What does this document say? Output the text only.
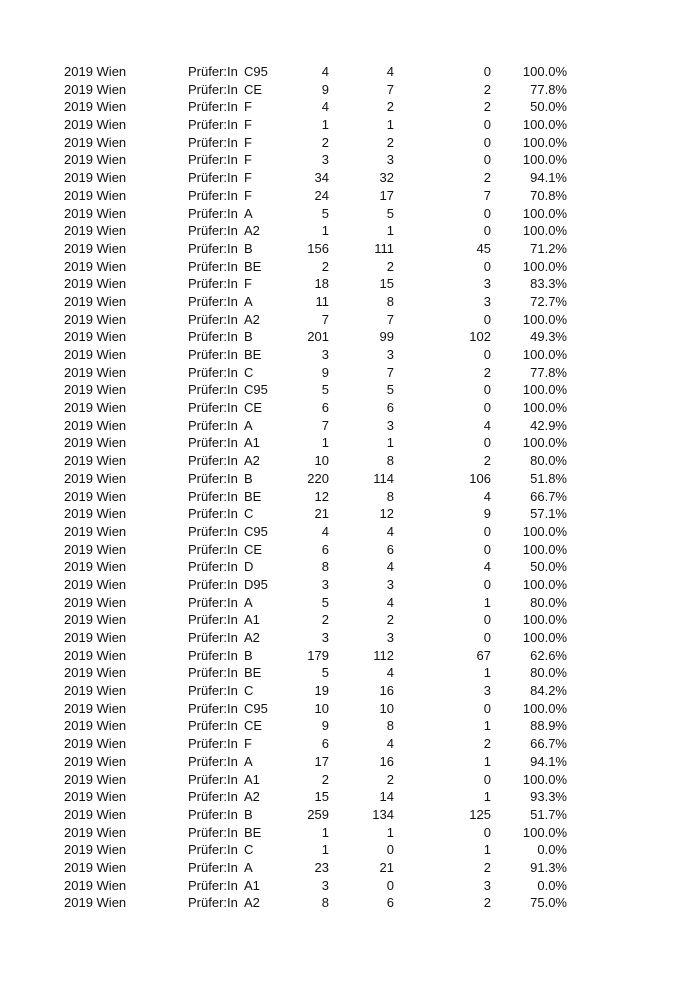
2019 Wien	Prüfer:In C95	4	4	0 100.0%
2019 Wien	Prüfer:In CE	9	7	2	77.8%
2019 Wien	Prüfer:In F	4	2	2	50.0%
2019 Wien	Prüfer:In F	1	1	0 100.0%
2019 Wien	Prüfer:In F	2	2	0 100.0%
2019 Wien	Prüfer:In F	3	3	0 100.0%
2019 Wien	Prüfer:In F	34	32	2	94.1%
2019 Wien	Prüfer:In F	24	17	7	70.8%
2019 Wien	Prüfer:In A	5	5	0 100.0%
2019 Wien	Prüfer:In A2	1	1	0 100.0%
2019 Wien	Prüfer:In B	156	111	45	71.2%
2019 Wien	Prüfer:In BE	2	2	0 100.0%
2019 Wien	Prüfer:In F	18	15	3	83.3%
2019 Wien	Prüfer:In A	11	8	3	72.7%
2019 Wien	Prüfer:In A2	7	7	0 100.0%
2019 Wien	Prüfer:In B	201	99	102	49.3%
2019 Wien	Prüfer:In BE	3	3	0 100.0%
2019 Wien	Prüfer:In C	9	7	2	77.8%
2019 Wien	Prüfer:In C95	5	5	0 100.0%
2019 Wien	Prüfer:In CE	6	6	0 100.0%
2019 Wien	Prüfer:In A	7	3	4	42.9%
2019 Wien	Prüfer:In A1	1	1	0 100.0%
2019 Wien	Prüfer:In A2	10	8	2	80.0%
2019 Wien	Prüfer:In B	220	114	106	51.8%
2019 Wien	Prüfer:In BE	12	8	4	66.7%
2019 Wien	Prüfer:In C	21	12	9	57.1%
2019 Wien	Prüfer:In C95	4	4	0 100.0%
2019 Wien	Prüfer:In CE	6	6	0 100.0%
2019 Wien	Prüfer:In D	8	4	4	50.0%
2019 Wien	Prüfer:In D95	3	3	0 100.0%
2019 Wien	Prüfer:In A	5	4	1	80.0%
2019 Wien	Prüfer:In A1	2	2	0 100.0%
2019 Wien	Prüfer:In A2	3	3	0 100.0%
2019 Wien	Prüfer:In B	179	112	67	62.6%
2019 Wien	Prüfer:In BE	5	4	1	80.0%
2019 Wien	Prüfer:In C	19	16	3	84.2%
2019 Wien	Prüfer:In C95	10	10	0 100.0%
2019 Wien	Prüfer:In CE	9	8	1	88.9%
2019 Wien	Prüfer:In F	6	4	2	66.7%
2019 Wien	Prüfer:In A	17	16	1	94.1%
2019 Wien	Prüfer:In A1	2	2	0 100.0%
2019 Wien	Prüfer:In A2	15	14	1	93.3%
2019 Wien	Prüfer:In B	259	134	125	51.7%
2019 Wien	Prüfer:In BE	1	1	0 100.0%
2019 Wien	Prüfer:In C	1	0	1	0.0%
2019 Wien	Prüfer:In A	23	21	2	91.3%
2019 Wien	Prüfer:In A1	3	0	3	0.0%
2019 Wien	Prüfer:In A2	8	6	2	75.0%
